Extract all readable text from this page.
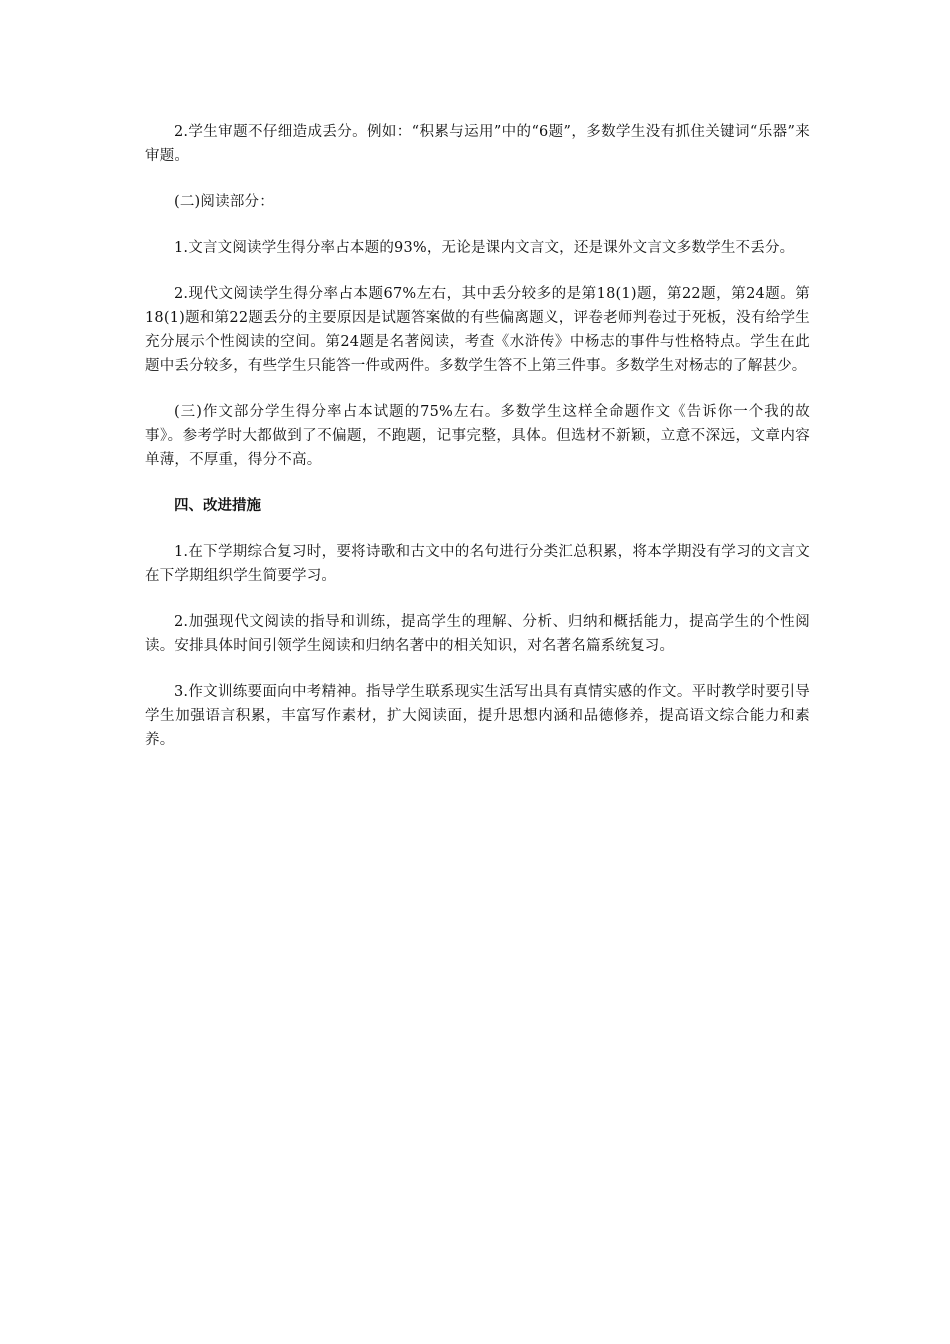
2.学生审题不仔细造成丢分。例如：“积累与运用”中的“6题”，多数学生没有抓住关键词“乐器”来审题。

(二)阅读部分：

1.文言文阅读学生得分率占本题的93%，无论是课内文言文，还是课外文言文多数学生不丢分。

2.现代文阅读学生得分率占本题67%左右，其中丢分较多的是第18(1)题，第22题，第24题。第18(1)题和第22题丢分的主要原因是试题答案做的有些偏离题义，评卷老师判卷过于死板，没有给学生充分展示个性阅读的空间。第24题是名著阅读，考查《水浒传》中杨志的事件与性格特点。学生在此题中丢分较多，有些学生只能答一件或两件。多数学生答不上第三件事。多数学生对杨志的了解甚少。

(三)作文部分学生得分率占本试题的75%左右。多数学生这样全命题作文《告诉你一个我的故事》。参考学时大都做到了不偏题，不跑题，记事完整，具体。但选材不新颖，立意不深远，文章内容单薄，不厚重，得分不高。

四、改进措施

1.在下学期综合复习时，要将诗歌和古文中的名句进行分类汇总积累，将本学期没有学习的文言文在下学期组织学生简要学习。

2.加强现代文阅读的指导和训练，提高学生的理解、分析、归纳和概括能力，提高学生的个性阅读。安排具体时间引领学生阅读和归纳名著中的相关知识，对名著名篇系统复习。

3.作文训练要面向中考精神。指导学生联系现实生活写出具有真情实感的作文。平时教学时要引导学生加强语言积累，丰富写作素材，扩大阅读面，提升思想内涵和品德修养，提高语文综合能力和素养。
